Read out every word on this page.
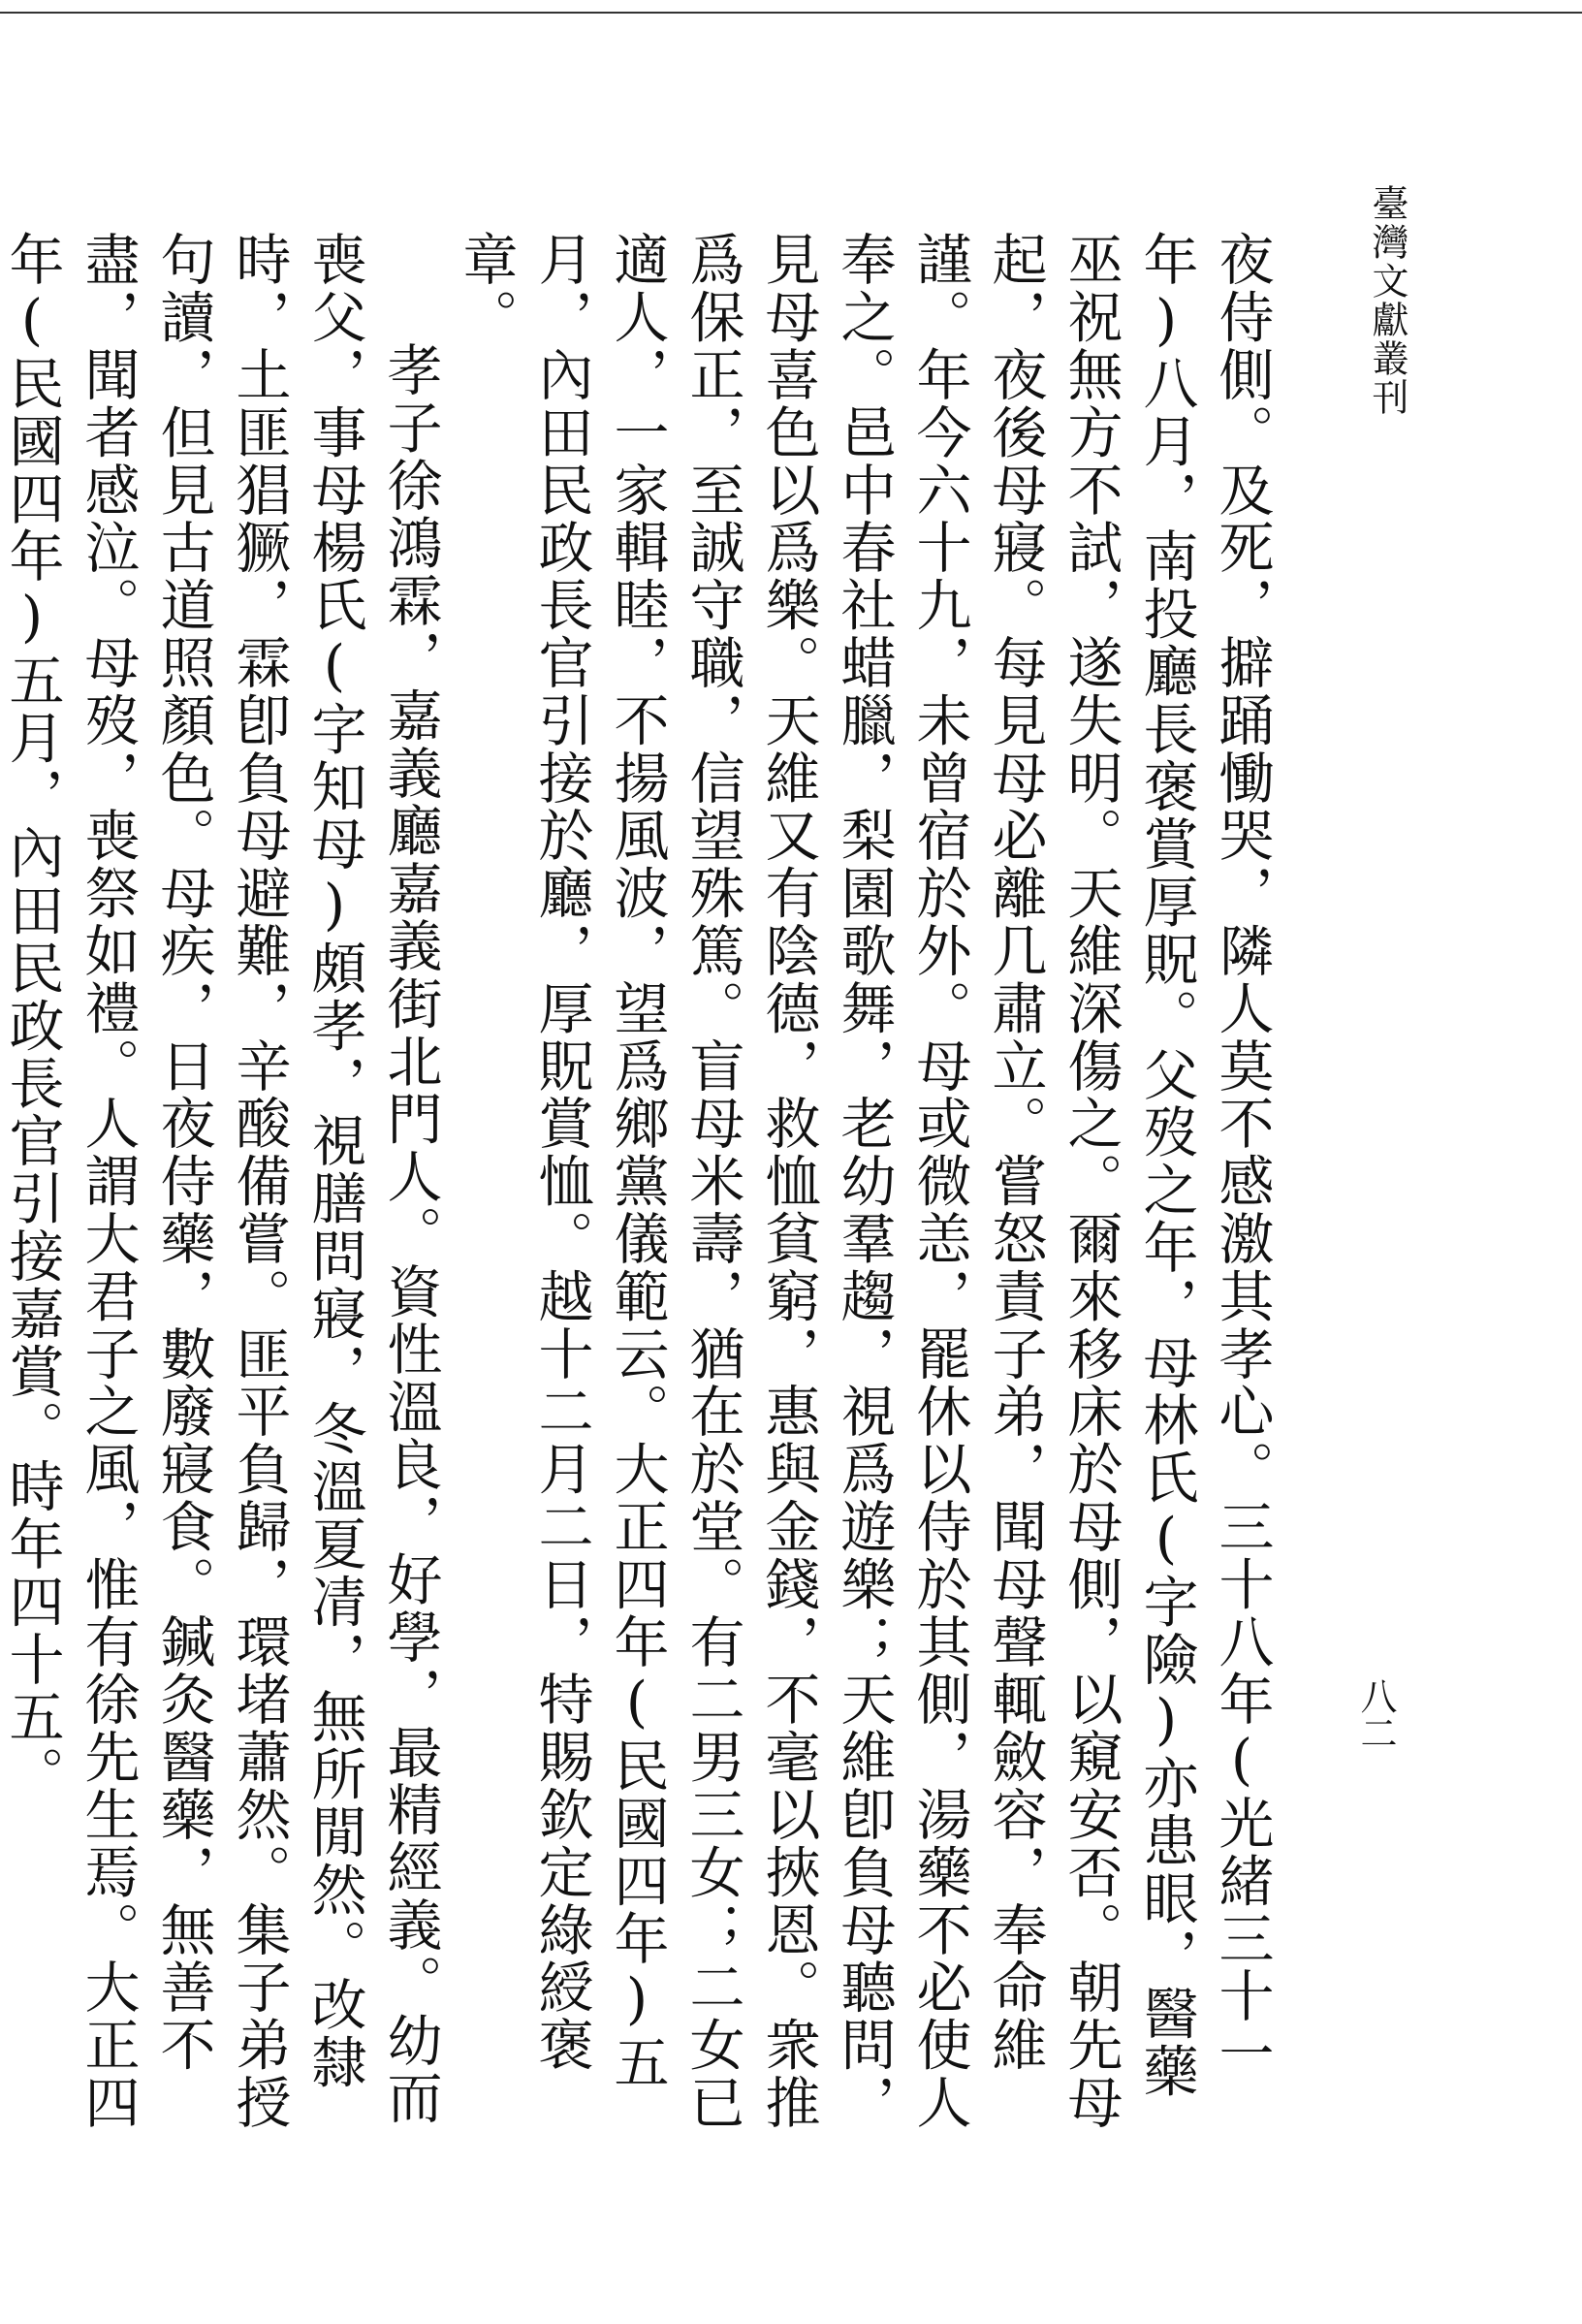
臺灣文獻叢刊
八二

夜侍側。及死，擗踊慟哭，隣人莫不感激其孝心。三十八年(光緒三十一年)八月，南投廳長褒賞厚貺。父歿之年，母林氏(字險)亦患眼，醫藥巫祝無方不試，遂失明。天維深傷之。爾來移床於母側，以窺安否。朝先母起，夜後母寢。每見母必離几肅立。嘗怒責子弟，聞母聲輒斂容，奉命維謹。年今六十九，未曾宿於外。母或微恙，罷休以侍於其側，湯藥不必使人奉之。邑中春社蜡臘，梨園歌舞，老幼羣趨，視爲遊樂；天維卽負母聽問，見母喜色以爲樂。天維又有陰德，救恤貧窮，惠與金錢，不毫以挾恩。衆推爲保正，至誠守職，信望殊篤。盲母米壽，猶在於堂。有二男三女；二女已適人，一家輯睦，不揚風波，望爲鄉黨儀範云。大正四年(民國四年)五月，內田民政長官引接於廳，厚貺賞恤。越十二月二日，特賜欽定綠綬褒章。

孝子徐鴻霖，嘉義廳嘉義街北門人。資性溫良，好學，最精經義。幼而喪父，事母楊氏(字知母)頗孝，視膳問寢，冬溫夏凊，無所閒然。改隸時，土匪猖獗，霖卽負母避難，辛酸備嘗。匪平負歸，環堵蕭然。集子弟授句讀，但見古道照顏色。母疾，日夜侍藥，數廢寢食。鍼灸醫藥，無善不盡，聞者感泣。母歿，喪祭如禮。人謂大君子之風，惟有徐先生焉。大正四年(民國四年)五月，內田民政長官引接嘉賞。時年四十五。
